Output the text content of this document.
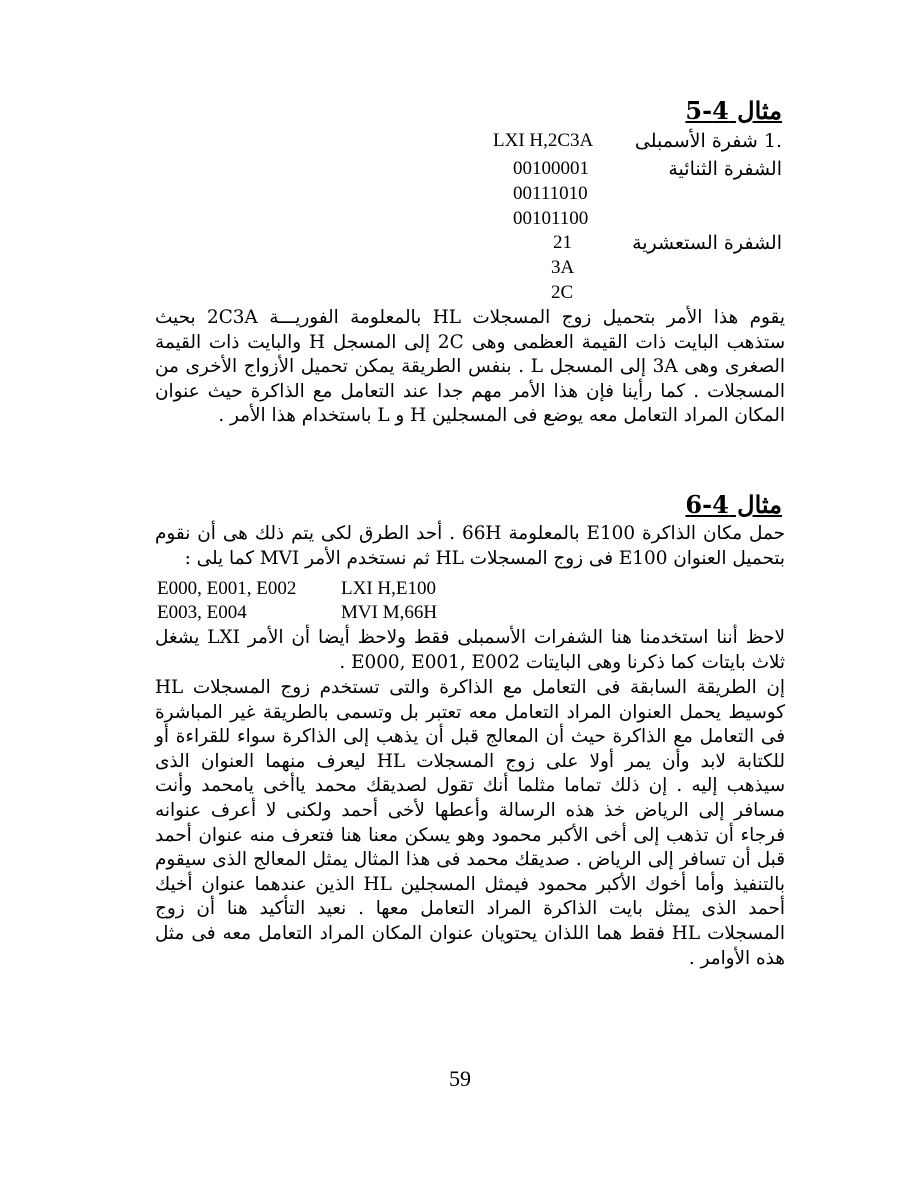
مثال 4-5
.1 شفرة الأسمبلى
LXI H,2C3A
الشفرة الثنائية
00100001
00111010
00101100
الشفرة الستعشرية
21
3A
2C
يقوم هذا الأمر بتحميل زوج المسجلات HL بالمعلومة الفوريـــة 2C3A بحيث ستذهب البايت ذات القيمة العظمى وهى 2C إلى المسجل H والبايت ذات القيمة الصغرى وهى 3A إلى المسجل L . بنفس الطريقة يمكن تحميل الأزواج الأخرى من المسجلات . كما رأينا فإن هذا الأمر مهم جدا عند التعامل مع الذاكرة حيث عنوان المكان المراد التعامل معه يوضع فى المسجلين H و L باستخدام هذا الأمر .
مثال 4-6
حمل مكان الذاكرة E100 بالمعلومة 66H . أحد الطرق لكى يتم ذلك هى أن نقوم بتحميل العنوان E100 فى زوج المسجلات HL ثم نستخدم الأمر MVI كما يلى :
E000, E001, E002 LXI H,E100
E003, E004	MVI M,66H
لاحظ أننا استخدمنا هنا الشفرات الأسمبلى فقط ولاحظ أيضا أن الأمر LXI يشغل ثلاث بايتات كما ذكرنا وهى البايتات E000, E001, E002 .
إن الطريقة السابقة فى التعامل مع الذاكرة والتى تستخدم زوج المسجلات HL كوسيط يحمل العنوان المراد التعامل معه تعتبر بل وتسمى بالطريقة غير المباشرة فى التعامل مع الذاكرة حيث أن المعالج قبل أن يذهب إلى الذاكرة سواء للقراءة أو للكتابة لابد وأن يمر أولا على زوج المسجلات HL ليعرف منهما العنوان الذى سيذهب إليه . إن ذلك تماما مثلما أنك تقول لصديقك محمد ياأخى يامحمد وأنت مسافر إلى الرياض خذ هذه الرسالة وأعطها لأخى أحمد ولكنى لا أعرف عنوانه فرجاء أن تذهب إلى أخى الأكبر محمود وهو يسكن معنا هنا فتعرف منه عنوان أحمد قبل أن تسافر إلى الرياض . صديقك محمد فى هذا المثال يمثل المعالج الذى سيقوم بالتنفيذ وأما أخوك الأكبر محمود فيمثل المسجلين HL الذين عندهما عنوان أخيك أحمد الذى يمثل بايت الذاكرة المراد التعامل معها . نعيد التأكيد هنا أن زوج المسجلات HL فقط هما اللذان يحتويان عنوان المكان المراد التعامل معه فى مثل هذه الأوامر .
59
